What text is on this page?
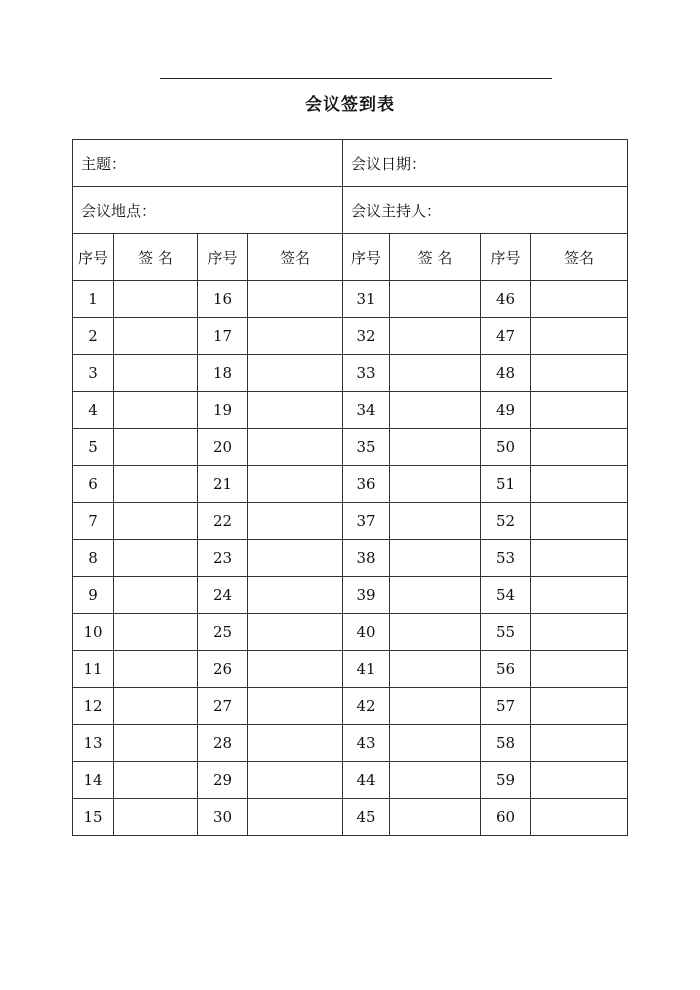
会议签到表
主题：				会议日期：			
会议地点：				会议主持人：			
序号	签 名	序号	签名	序号	签 名	序号	签名
1		16		31		46	
2		17		32		47	
3		18		33		48	
4		19		34		49	
5		20		35		50	
6		21		36		51	
7		22		37		52	
8		23		38		53	
9		24		39		54	
10		25		40		55	
11		26		41		56	
12		27		42		57	
13		28		43		58	
14		29		44		59	
15		30		45		60	
